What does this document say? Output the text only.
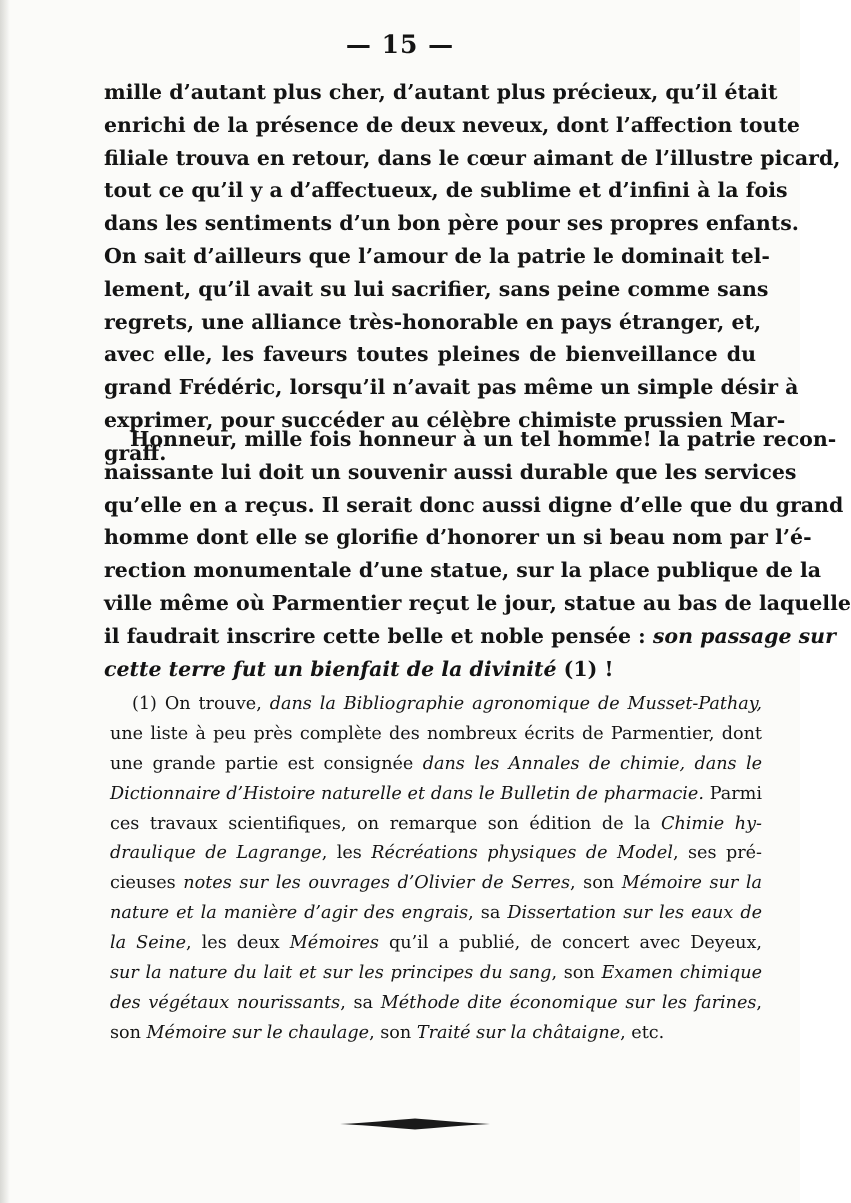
— 15 —
mille d’autant plus cher, d’autant plus précieux, qu’il était
enrichi de la présence de deux neveux, dont l’affection toute
filiale trouva en retour, dans le cœur aimant de l’illustre picard,
tout ce qu’il y a d’affectueux, de sublime et d’infini à la fois
dans les sentiments d’un bon père pour ses propres enfants.
On sait d’ailleurs que l’amour de la patrie le dominait tel-
lement, qu’il avait su lui sacrifier, sans peine comme sans
regrets, une alliance très-honorable en pays étranger, et,
avec elle, les faveurs toutes pleines de bienveillance du
grand Frédéric, lorsqu’il n’avait pas même un simple désir à
exprimer, pour succéder au célèbre chimiste prussien Mar-
graff.
Honneur, mille fois honneur à un tel homme! la patrie recon-
naissante lui doit un souvenir aussi durable que les services
qu’elle en a reçus. Il serait donc aussi digne d’elle que du grand
homme dont elle se glorifie d’honorer un si beau nom par l’é-
rection monumentale d’une statue, sur la place publique de la
ville même où Parmentier reçut le jour, statue au bas de laquelle
il faudrait inscrire cette belle et noble pensée : son passage sur
cette terre fut un bienfait de la divinité (1) !
(1) On trouve, dans la Bibliographie agronomique de Musset-Pathay,
une liste à peu près complète des nombreux écrits de Parmentier, dont
une grande partie est consignée dans les Annales de chimie, dans le
Dictionnaire d’Histoire naturelle et dans le Bulletin de pharmacie. Parmi
ces travaux scientifiques, on remarque son édition de la Chimie hy-
draulique de Lagrange, les Récréations physiques de Model, ses pré-
cieuses notes sur les ouvrages d’Olivier de Serres, son Mémoire sur la
nature et la manière d’agir des engrais, sa Dissertation sur les eaux de
la Seine, les deux Mémoires qu’il a publié, de concert avec Deyeux,
sur la nature du lait et sur les principes du sang, son Examen chimique
des végétaux nourissants, sa Méthode dite économique sur les farines,
son Mémoire sur le chaulage, son Traité sur la châtaigne, etc.
